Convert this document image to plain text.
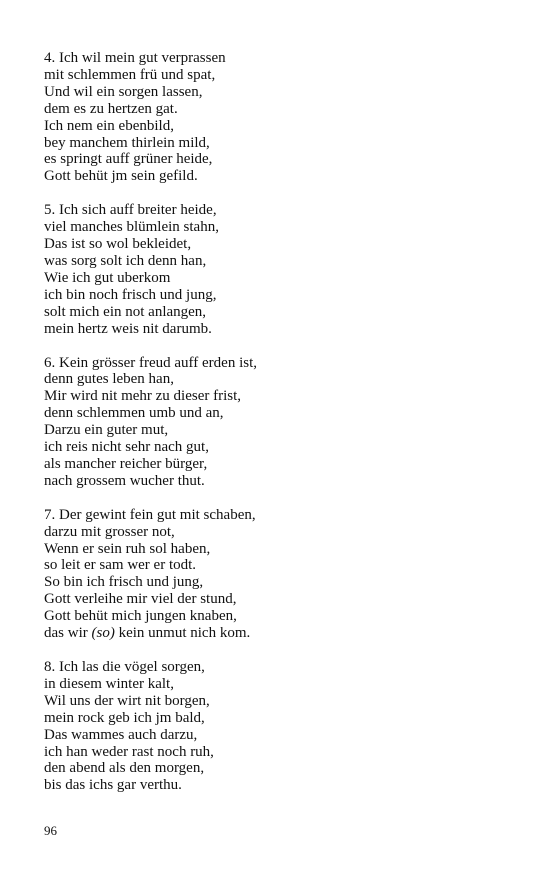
4. Ich wil mein gut verprassen
mit schlemmen frü und spat,
Und wil ein sorgen lassen,
dem es zu hertzen gat.
Ich nem ein ebenbild,
bey manchem thirlein mild,
es springt auff grüner heide,
Gott behüt jm sein gefild.
5. Ich sich auff breiter heide,
viel manches blümlein stahn,
Das ist so wol bekleidet,
was sorg solt ich denn han,
Wie ich gut uberkom
ich bin noch frisch und jung,
solt mich ein not anlangen,
mein hertz weis nit darumb.
6. Kein grösser freud auff erden ist,
denn gutes leben han,
Mir wird nit mehr zu dieser frist,
denn schlemmen umb und an,
Darzu ein guter mut,
ich reis nicht sehr nach gut,
als mancher reicher bürger,
nach grossem wucher thut.
7. Der gewint fein gut mit schaben,
darzu mit grosser not,
Wenn er sein ruh sol haben,
so leit er sam wer er todt.
So bin ich frisch und jung,
Gott verleihe mir viel der stund,
Gott behüt mich jungen knaben,
das wir (so) kein unmut nich kom.
8. Ich las die vögel sorgen,
in diesem winter kalt,
Wil uns der wirt nit borgen,
mein rock geb ich jm bald,
Das wammes auch darzu,
ich han weder rast noch ruh,
den abend als den morgen,
bis das ichs gar verthu.
96
